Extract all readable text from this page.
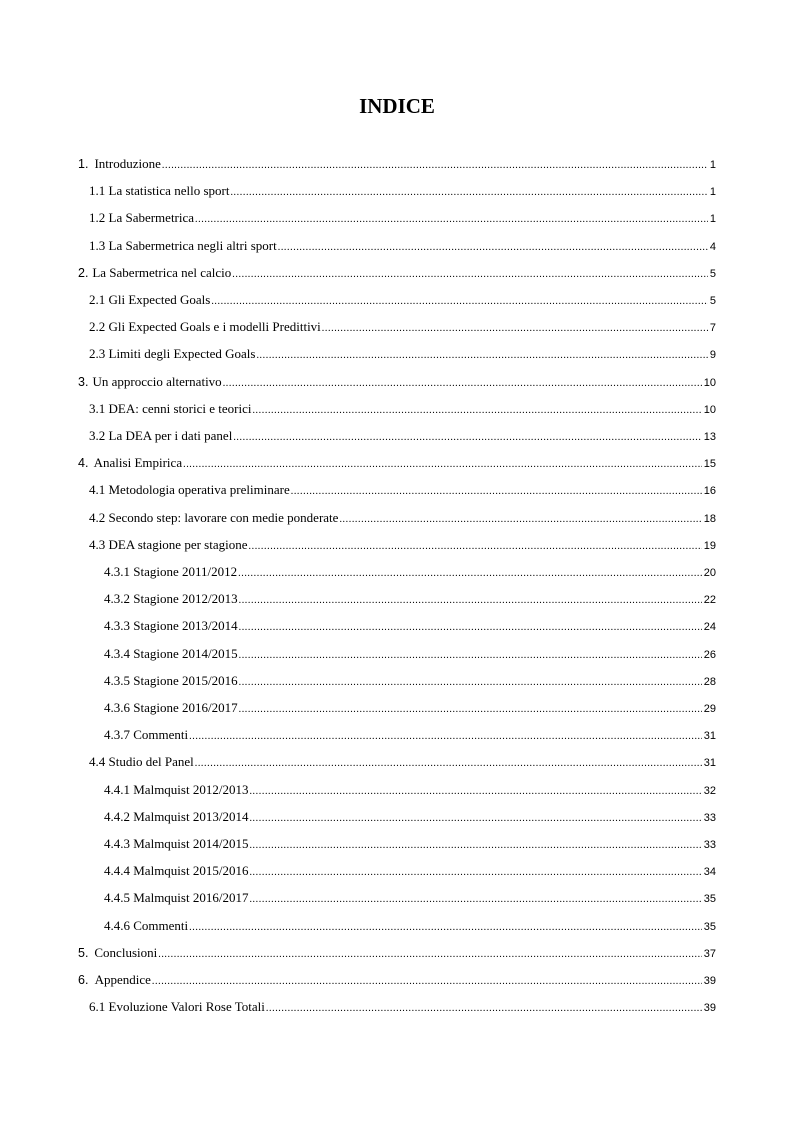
INDICE
1. Introduzione .....	1
1.1 La statistica nello sport .....	1
1.2 La Sabermetrica .....	1
1.3 La Sabermetrica negli altri sport .....	4
2. La Sabermetrica nel calcio .....	5
2.1 Gli Expected Goals .....	5
2.2 Gli Expected Goals e i modelli Predittivi .....	7
2.3 Limiti degli Expected Goals .....	9
3. Un approccio alternativo .....	10
3.1 DEA: cenni storici e teorici .....	10
3.2 La DEA per i dati panel .....	13
4. Analisi Empirica .....	15
4.1 Metodologia operativa preliminare .....	16
4.2 Secondo step: lavorare con medie ponderate .....	18
4.3 DEA stagione per stagione .....	19
4.3.1 Stagione 2011/2012 .....	20
4.3.2 Stagione 2012/2013 .....	22
4.3.3 Stagione 2013/2014 .....	24
4.3.4 Stagione 2014/2015 .....	26
4.3.5 Stagione 2015/2016 .....	28
4.3.6 Stagione 2016/2017 .....	29
4.3.7 Commenti .....	31
4.4 Studio del Panel .....	31
4.4.1 Malmquist 2012/2013 .....	32
4.4.2 Malmquist 2013/2014 .....	33
4.4.3 Malmquist 2014/2015 .....	33
4.4.4 Malmquist 2015/2016 .....	34
4.4.5 Malmquist 2016/2017 .....	35
4.4.6 Commenti .....	35
5. Conclusioni .....	37
6. Appendice .....	39
6.1 Evoluzione Valori Rose Totali .....	39
